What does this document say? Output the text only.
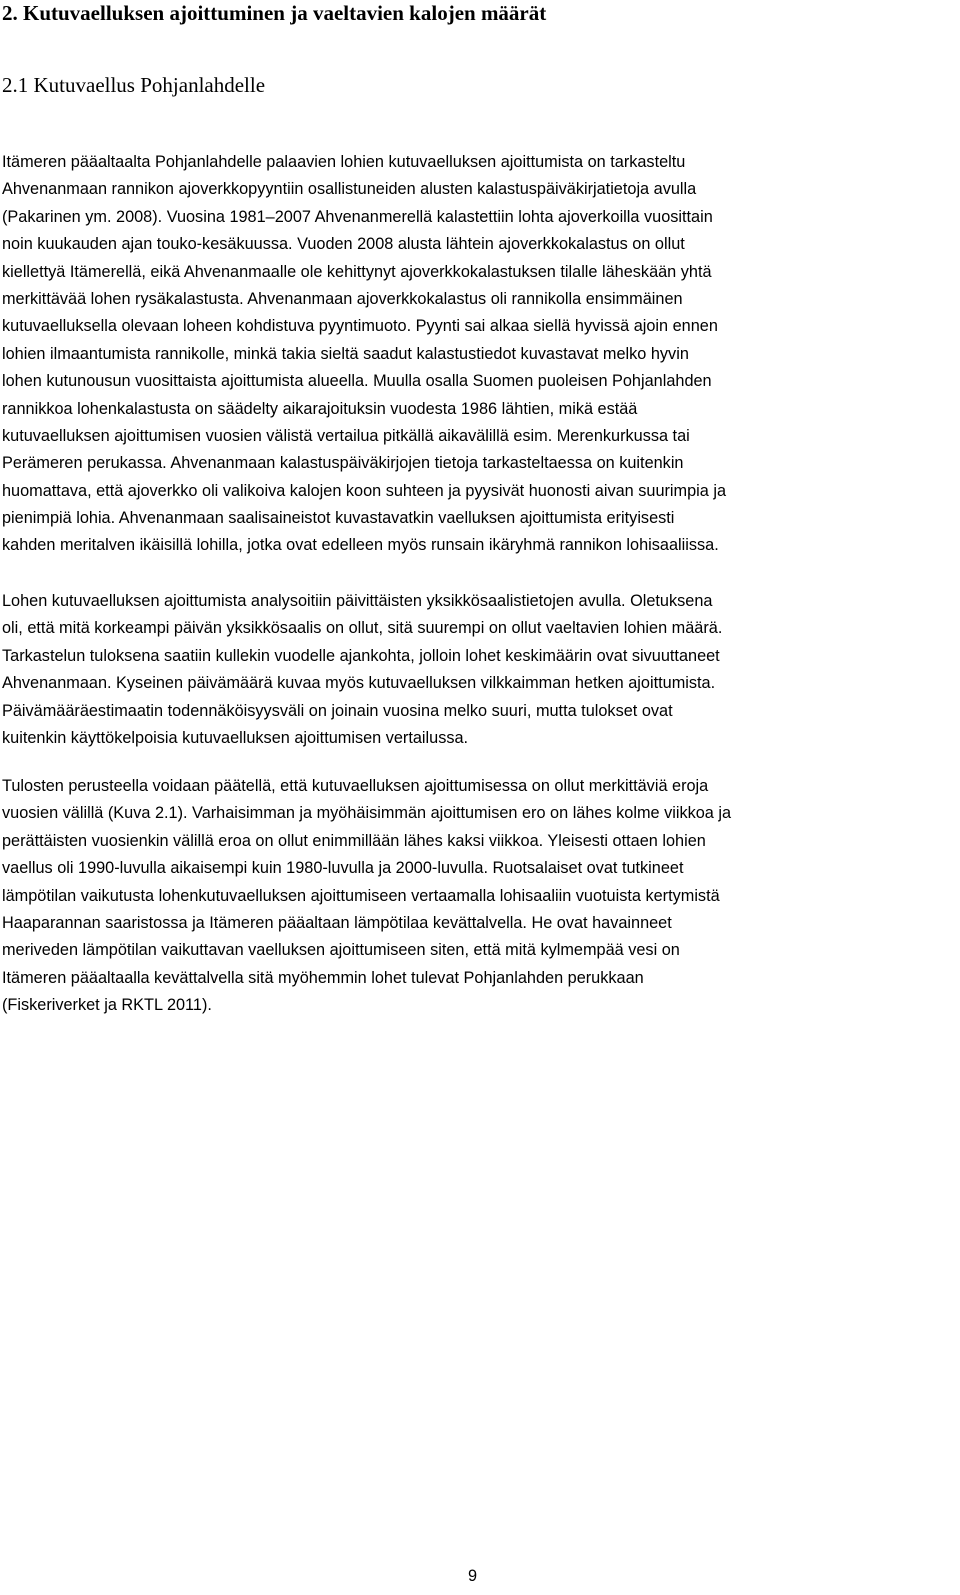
2. Kutuvaelluksen ajoittuminen ja vaeltavien kalojen määrät
2.1 Kutuvaellus Pohjanlahdelle
Itämeren pääaltaalta Pohjanlahdelle palaavien lohien kutuvaelluksen ajoittumista on tarkasteltu
Ahvenanmaan rannikon ajoverkkopyyntiin osallistuneiden alusten kalastuspäiväkirjatietoja avulla
(Pakarinen ym. 2008). Vuosina 1981–2007 Ahvenanmerellä kalastettiin lohta ajoverkoilla vuosittain
noin kuukauden ajan touko-kesäkuussa. Vuoden 2008 alusta lähtein ajoverkkokalastus on ollut
kiellettyä Itämerellä, eikä Ahvenanmaalle ole kehittynyt ajoverkkokalastuksen tilalle läheskään yhtä
merkittävää lohen rysäkalastusta. Ahvenanmaan ajoverkkokalastus oli rannikolla ensimmäinen
kutuvaelluksella olevaan loheen kohdistuva pyyntimuoto. Pyynti sai alkaa siellä hyvissä ajoin ennen
lohien ilmaantumista rannikolle, minkä takia sieltä saadut kalastustiedot kuvastavat melko hyvin
lohen kutunousun vuosittaista ajoittumista alueella. Muulla osalla Suomen puoleisen Pohjanlahden
rannikkoa lohenkalastusta on säädelty aikarajoituksin vuodesta 1986 lähtien, mikä estää
kutuvaelluksen ajoittumisen vuosien välistä vertailua pitkällä aikavälillä esim. Merenkurkussa tai
Perämeren perukassa. Ahvenanmaan kalastuspäiväkirjojen tietoja tarkasteltaessa on kuitenkin
huomattava, että ajoverkko oli valikoiva kalojen koon suhteen ja pyysivät huonosti aivan suurimpia ja
pienimpiä lohia. Ahvenanmaan saalisaineistot kuvastavatkin vaelluksen ajoittumista erityisesti
kahden meritalven ikäisillä lohilla, jotka ovat edelleen myös runsain ikäryhmä rannikon lohisaaliissa.
Lohen kutuvaelluksen ajoittumista analysoitiin päivittäisten yksikkösaalistietojen avulla. Oletuksena
oli, että mitä korkeampi päivän yksikkösaalis on ollut, sitä suurempi on ollut vaeltavien lohien määrä.
Tarkastelun tuloksena saatiin kullekin vuodelle ajankohta, jolloin lohet keskimäärin ovat sivuuttaneet
Ahvenanmaan. Kyseinen päivämäärä kuvaa myös kutuvaelluksen vilkkaimman hetken ajoittumista.
Päivämääräestimaatin todennäköisyysväli on joinain vuosina melko suuri, mutta tulokset ovat
kuitenkin käyttökelpoisia kutuvaelluksen ajoittumisen vertailussa.
Tulosten perusteella voidaan päätellä, että kutuvaelluksen ajoittumisessa on ollut merkittäviä eroja
vuosien välillä (Kuva 2.1). Varhaisimman ja myöhäisimmän ajoittumisen ero on lähes kolme viikkoa ja
perättäisten vuosienkin välillä eroa on ollut enimmillään lähes kaksi viikkoa. Yleisesti ottaen lohien
vaellus oli 1990-luvulla aikaisempi kuin 1980-luvulla ja 2000-luvulla. Ruotsalaiset ovat tutkineet
lämpötilan vaikutusta lohenkutuvaelluksen ajoittumiseen vertaamalla lohisaaliin vuotuista kertymistä
Haaparannan saaristossa ja Itämeren pääaltaan lämpötilaa kevättalvella. He ovat havainneet
meriveden lämpötilan vaikuttavan vaelluksen ajoittumiseen siten, että mitä kylmempää vesi on
Itämeren pääaltaalla kevättalvella sitä myöhemmin lohet tulevat Pohjanlahden perukkaan
(Fiskeriverket ja RKTL 2011).
9
